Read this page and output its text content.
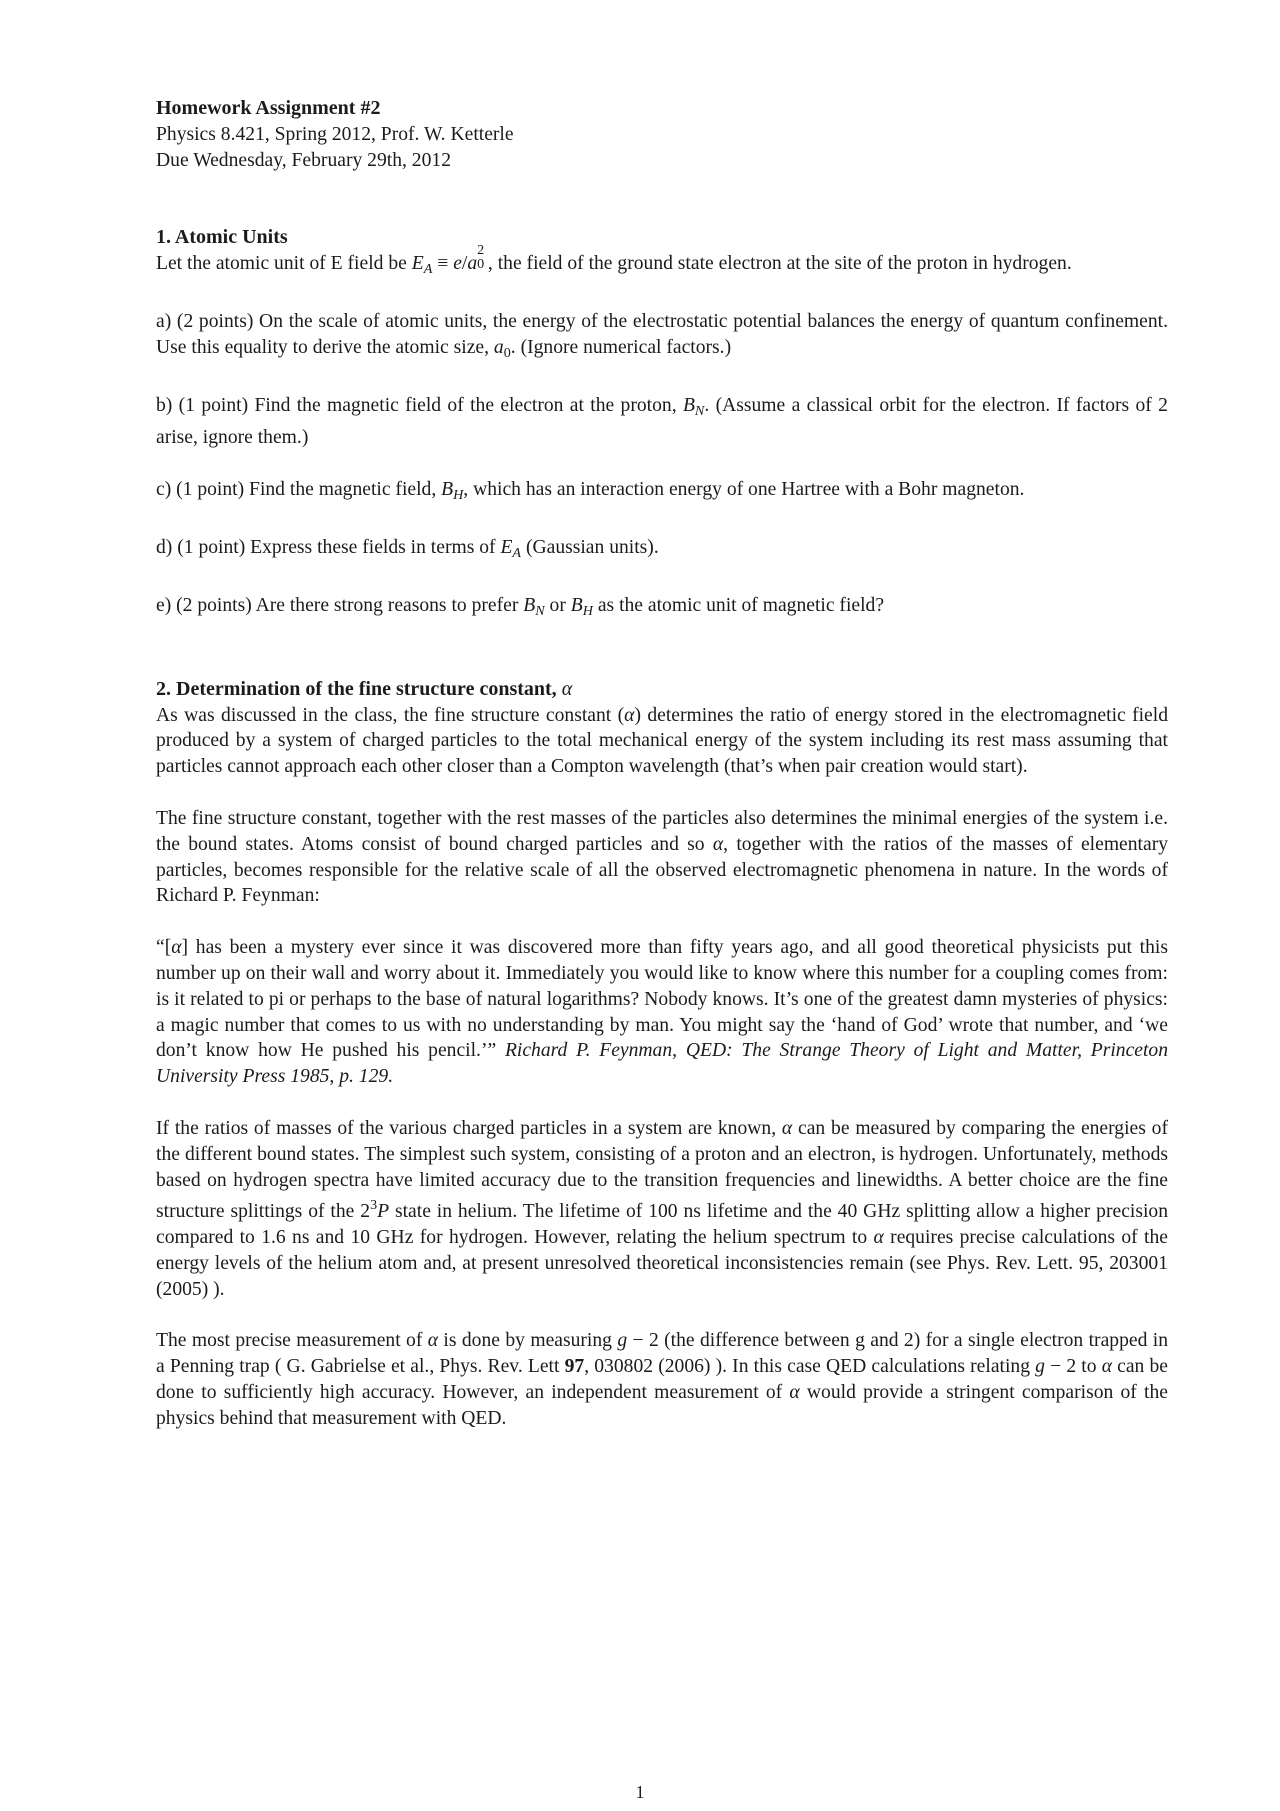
Homework Assignment #2

Physics 8.421, Spring 2012, Prof. W. Ketterle

Due Wednesday, February 29th, 2012

1. Atomic Units

Let the atomic unit of E field be $E_A \equiv e/a$
2
0 , the field of the ground state electron at the site of the proton in hydrogen.

a) (2 points) On the scale of atomic units, the energy of the electrostatic potential balances the energy of quantum confinement. Use this equality to derive the atomic size, $a_0$. (Ignore numerical factors.)

b) (1 point) Find the magnetic field of the electron at the proton, $B_N$. (Assume a classical orbit for the electron. If factors of 2 arise, ignore them.)

c) (1 point) Find the magnetic field, $B_H$, which has an interaction energy of one Hartree with a Bohr magneton.

d) (1 point) Express these fields in terms of $E_A$ (Gaussian units).

e) (2 points) Are there strong reasons to prefer $B_N$ or $B_H$ as the atomic unit of magnetic field?

2. Determination of the fine structure constant, α

As was discussed in the class, the fine structure constant (α) determines the ratio of energy stored in the electromagnetic field produced by a system of charged particles to the total mechanical energy of the system including its rest mass assuming that particles cannot approach each other closer than a Compton wavelength (that’s when pair creation would start).

The fine structure constant, together with the rest masses of the particles also determines the minimal energies of the system i.e. the bound states. Atoms consist of bound charged particles and so α, together with the ratios of the masses of elementary particles, becomes responsible for the relative scale of all the observed electromagnetic phenomena in nature. In the words of Richard P. Feynman:

“[α] has been a mystery ever since it was discovered more than fifty years ago, and all good theoretical physicists put this number up on their wall and worry about it. Immediately you would like to know where this number for a coupling comes from: is it related to pi or perhaps to the base of natural logarithms? Nobody knows. It’s one of the greatest damn mysteries of physics: a magic number that comes to us with no understanding by man. You might say the ‘hand of God’ wrote that number, and ‘we don’t know how He pushed his pencil.’” Richard P. Feynman, QED: The Strange Theory of Light and Matter, Princeton University Press 1985, p. 129.

If the ratios of masses of the various charged particles in a system are known, α can be measured by comparing the energies of the different bound states. The simplest such system, consisting of a proton and an electron, is hydrogen. Unfortunately, methods based on hydrogen spectra have limited accuracy due to the transition frequencies and linewidths. A better choice are the fine structure splittings of the $2^3P$ state in helium. The lifetime of 100 ns lifetime and the 40 GHz splitting allow a higher precision compared to 1.6 ns and 10 GHz for hydrogen. However, relating the helium spectrum to α requires precise calculations of the energy levels of the helium atom and, at present unresolved theoretical inconsistencies remain (see Phys. Rev. Lett. 95, 203001 (2005) ).

The most precise measurement of α is done by measuring g − 2 (the difference between g and 2) for a single electron trapped in a Penning trap ( G. Gabrielse et al., Phys. Rev. Lett 97, 030802 (2006) ). In this case QED calculations relating g − 2 to α can be done to sufficiently high accuracy. However, an independent measurement of α would provide a stringent comparison of the physics behind that measurement with QED.

1
